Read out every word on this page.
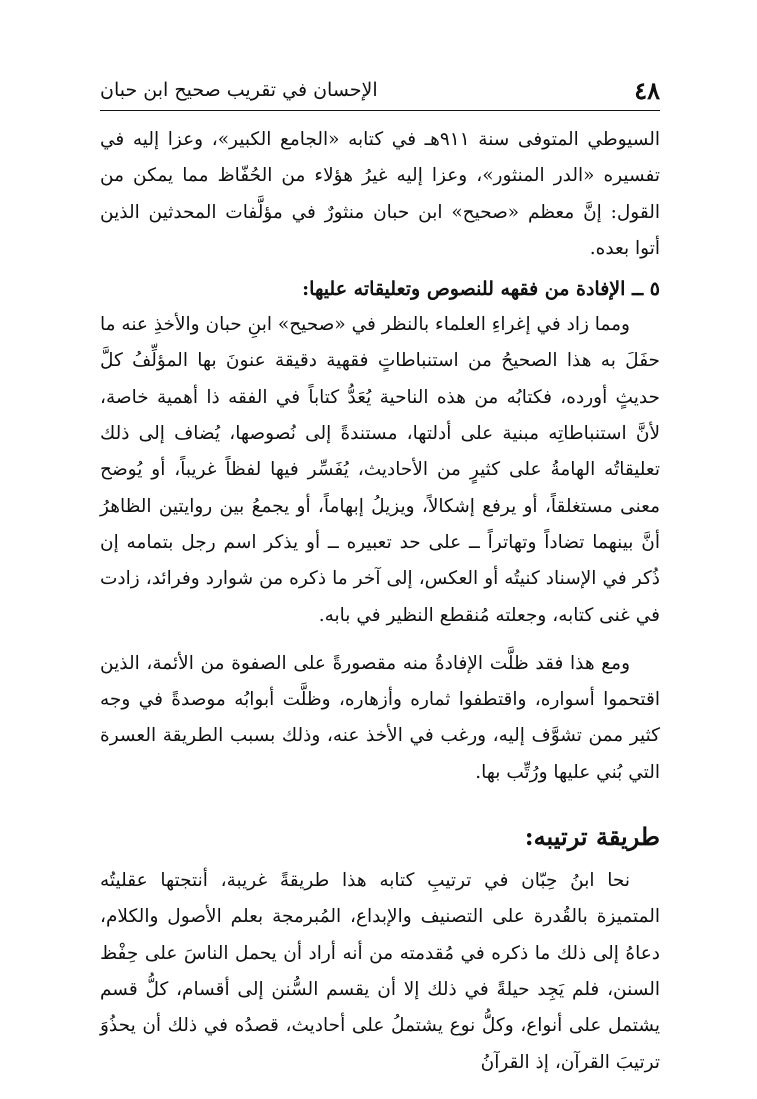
٤٨
الإحسان في تقريب صحيح ابن حبان

السيوطي المتوفى سنة ٩١١هـ في كتابه «الجامع الكبير»، وعزا إليه في تفسيره «الدر المنثور»، وعزا إليه غيرُ هؤلاء من الحُفّاظ مما يمكن من القول: إنَّ معظم «صحيح» ابن حبان منثورٌ في مؤلَّفات المحدثين الذين أتوا بعده.

٥ ــ الإفادة من فقهه للنصوص وتعليقاته عليها:

ومما زاد في إغراءِ العلماء بالنظر في «صحيح» ابنِ حبان والأخذِ عنه ما حفَلَ به هذا الصحيحُ من استنباطاتٍ فقهية دقيقة عنونَ بها المؤلِّفُ كلَّ حديثٍ أورده، فكتابُه من هذه الناحية يُعَدُّ كتاباً في الفقه ذا أهمية خاصة، لأنَّ استنباطاتِه مبنية على أدلتها، مستندةً إلى نُصوصها، يُضاف إلى ذلك تعليقاتُه الهامةُ على كثيرٍ من الأحاديث، يُفَسِّر فيها لفظاً غريباً، أو يُوضح معنى مستغلقاً، أو يرفع إشكالاً، ويزيلُ إبهاماً، أو يجمعُ بين روايتين الظاهرُ أنَّ بينهما تضاداً وتهاتراً ــ على حد تعبيره ــ أو يذكر اسم رجل بتمامه إن ذُكر في الإسناد كنيتُه أو العكس، إلى آخر ما ذكره من شوارد وفرائد، زادت في غنى كتابه، وجعلته مُنقطع النظير في بابه.

ومع هذا فقد ظلَّت الإفادةُ منه مقصورةً على الصفوة من الأئمة، الذين اقتحموا أسواره، واقتطفوا ثماره وأزهاره، وظلَّت أبوابُه موصدةً في وجه كثير ممن تشوَّف إليه، ورغب في الأخذ عنه، وذلك بسبب الطريقة العسرة التي بُني عليها ورُتِّب بها.

طريقة ترتيبه:

نحا ابنُ حِبّان في ترتيبِ كتابه هذا طريقةً غريبة، أنتجتها عقليتُه المتميزة بالقُدرة على التصنيف والإبداع، المُبرمجة بعلم الأصول والكلام، دعاهُ إلى ذلك ما ذكره في مُقدمته من أنه أراد أن يحمل الناسَ على حِفْظ السنن، فلم يَجِد حيلةً في ذلك إلا أن يقسم السُّنن إلى أقسام، كلُّ قسم يشتمل على أنواع، وكلُّ نوع يشتملُ على أحاديث، قصدُه في ذلك أن يحذُوَ ترتيبَ القرآن، إذ القرآنُ
